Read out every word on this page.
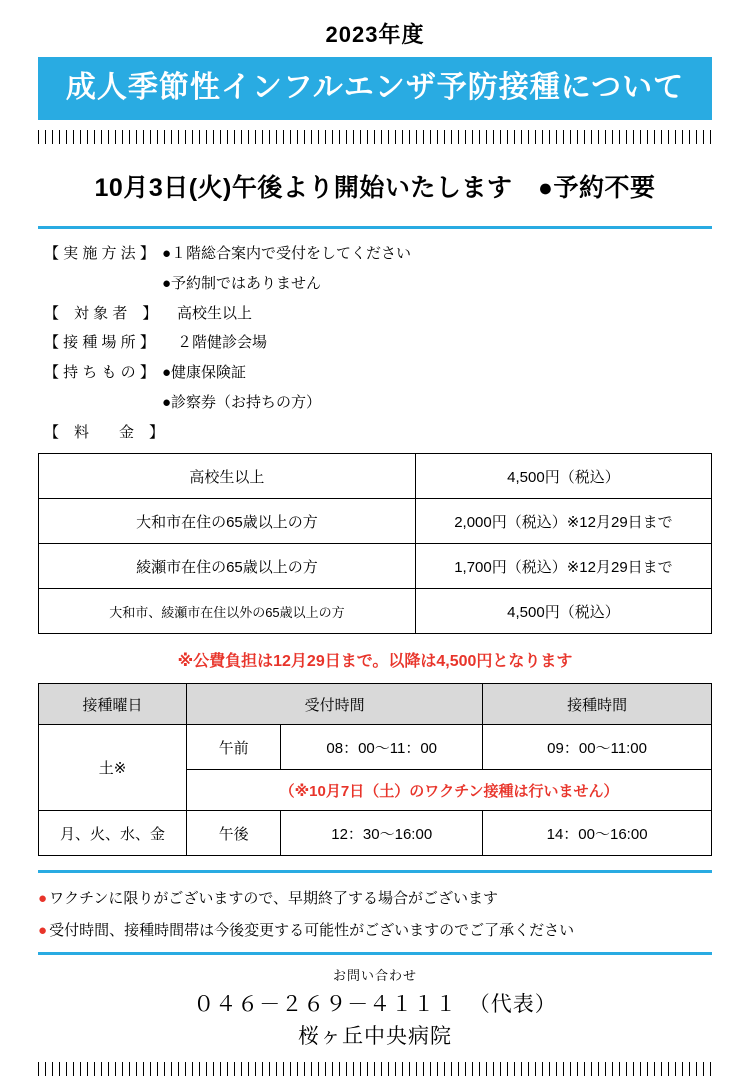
2023年度
成人季節性インフルエンザ予防接種について
10月3日(火)午後より開始いたします　●予約不要
【 実 施 方 法 】 ●１階総合案内で受付をしてください
●予約制ではありません
【　対 象 者　】 　高校生以上
【 接 種 場 所 】 　２階健診会場
【 持 ち も の 】 ●健康保険証
●診察券（お持ちの方）
【　料　　金　】
高校生以上	4,500円（税込）
大和市在住の65歳以上の方	2,000円（税込）※12月29日まで
綾瀬市在住の65歳以上の方	1,700円（税込）※12月29日まで
大和市、綾瀬市在住以外の65歳以上の方	4,500円（税込）
※公費負担は12月29日まで。以降は4,500円となります
接種曜日	受付時間		接種時間
土※	午前	08：00～11：00	09：00～11:00
	（※10月7日（土）のワクチン接種は行いません）		
月、火、水、金	午後	12：30～16:00	14：00～16:00
● ワクチンに限りがございますので、早期終了する場合がございます
● 受付時間、接種時間帯は今後変更する可能性がございますのでご了承ください
お問い合わせ
０４６－２６９－４１１１　（代表）
桜ヶ丘中央病院
